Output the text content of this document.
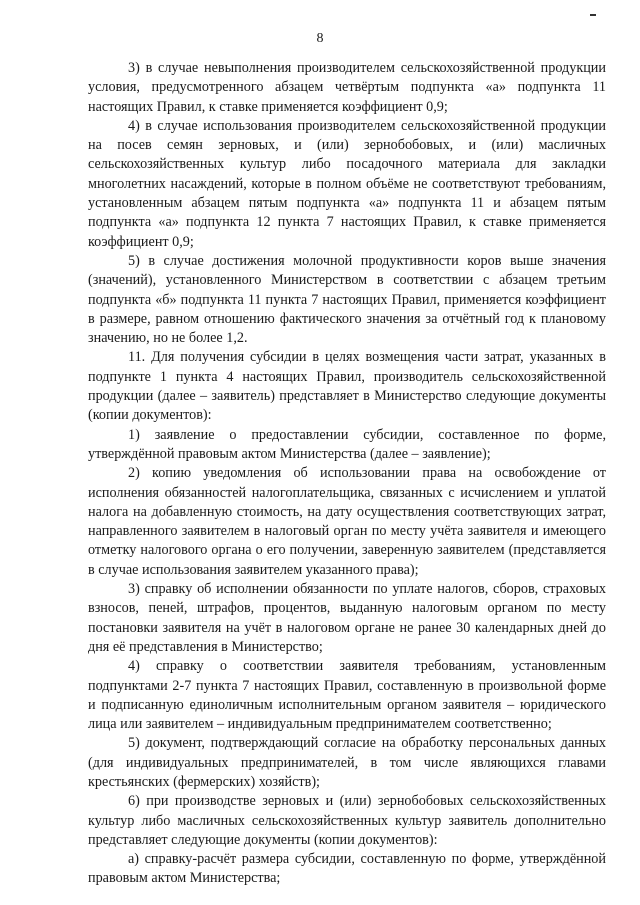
8

3) в случае невыполнения производителем сельскохозяйственной продукции условия, предусмотренного абзацем четвёртым подпункта «а» подпункта 11 настоящих Правил, к ставке применяется коэффициент 0,9;

4) в случае использования производителем сельскохозяйственной продукции на посев семян зерновых, и (или) зернобобовых, и (или) масличных сельскохозяйственных культур либо посадочного материала для закладки многолетних насаждений, которые в полном объёме не соответствуют требованиям, установленным абзацем пятым подпункта «а» подпункта 11 и абзацем пятым подпункта «а» подпункта 12 пункта 7 настоящих Правил, к ставке применяется коэффициент 0,9;

5) в случае достижения молочной продуктивности коров выше значения (значений), установленного Министерством в соответствии с абзацем третьим подпункта «б» подпункта 11 пункта 7 настоящих Правил, применяется коэффициент в размере, равном отношению фактического значения за отчётный год к плановому значению, но не более 1,2.

11. Для получения субсидии в целях возмещения части затрат, указанных в подпункте 1 пункта 4 настоящих Правил, производитель сельскохозяйственной продукции (далее – заявитель) представляет в Министерство следующие документы (копии документов):

1) заявление о предоставлении субсидии, составленное по форме, утверждённой правовым актом Министерства (далее – заявление);

2) копию уведомления об использовании права на освобождение от исполнения обязанностей налогоплательщика, связанных с исчислением и уплатой налога на добавленную стоимость, на дату осуществления соответствующих затрат, направленного заявителем в налоговый орган по месту учёта заявителя и имеющего отметку налогового органа о его получении, заверенную заявителем (представляется в случае использования заявителем указанного права);

3) справку об исполнении обязанности по уплате налогов, сборов, страховых взносов, пеней, штрафов, процентов, выданную налоговым органом по месту постановки заявителя на учёт в налоговом органе не ранее 30 календарных дней до дня её представления в Министерство;

4) справку о соответствии заявителя требованиям, установленным подпунктами 2-7 пункта 7 настоящих Правил, составленную в произвольной форме и подписанную единоличным исполнительным органом заявителя – юридического лица или заявителем – индивидуальным предпринимателем соответственно;

5) документ, подтверждающий согласие на обработку персональных данных (для индивидуальных предпринимателей, в том числе являющихся главами крестьянских (фермерских) хозяйств);

6) при производстве зерновых и (или) зернобобовых сельскохозяйственных культур либо масличных сельскохозяйственных культур заявитель дополнительно представляет следующие документы (копии документов):

а) справку-расчёт размера субсидии, составленную по форме, утверждённой правовым актом Министерства;
